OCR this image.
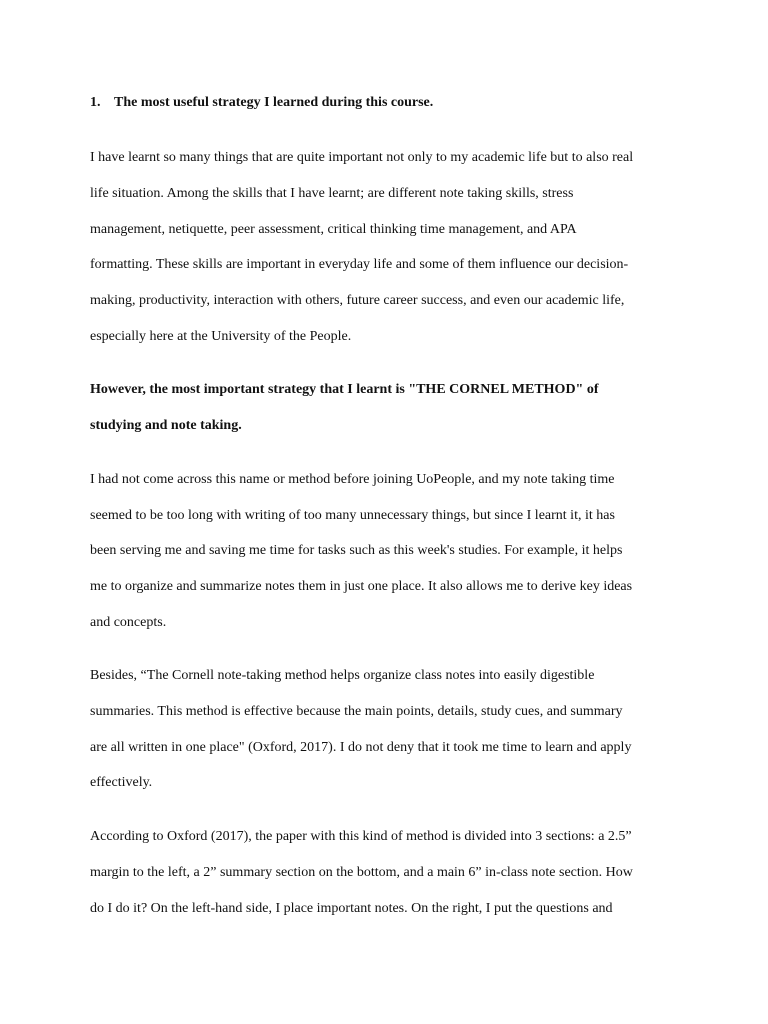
1. The most useful strategy I learned during this course.
I have learnt so many things that are quite important not only to my academic life but to also real
life situation. Among the skills that I have learnt; are different note taking skills, stress
management, netiquette, peer assessment, critical thinking time management, and APA
formatting. These skills are important in everyday life and some of them influence our decision-
making, productivity, interaction with others, future career success, and even our academic life,
especially here at the University of the People.
However, the most important strategy that I learnt is "THE CORNEL METHOD" of
studying and note taking.
I had not come across this name or method before joining UoPeople, and my note taking time
seemed to be too long with writing of too many unnecessary things, but since I learnt it, it has
been serving me and saving me time for tasks such as this week's studies. For example, it helps
me to organize and summarize notes them in just one place. It also allows me to derive key ideas
and concepts.
Besides, “The Cornell note-taking method helps organize class notes into easily digestible
summaries. This method is effective because the main points, details, study cues, and summary
are all written in one place" (Oxford, 2017). I do not deny that it took me time to learn and apply
effectively.
According to Oxford (2017), the paper with this kind of method is divided into 3 sections: a 2.5”
margin to the left, a 2” summary section on the bottom, and a main 6” in-class note section. How
do I do it? On the left-hand side, I place important notes. On the right, I put the questions and
